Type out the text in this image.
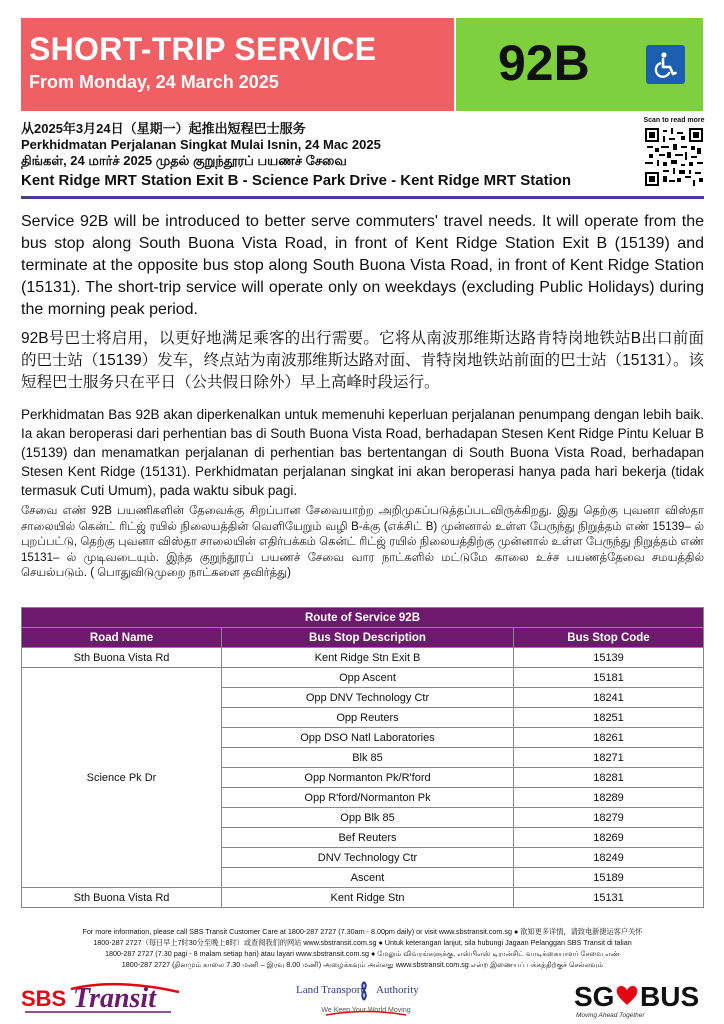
SHORT-TRIP SERVICE
From Monday, 24 March 2025	92B
从2025年3月24日（星期一）起推出短程巴士服务
Perkhidmatan Perjalanan Singkat Mulai Isnin, 24 Mac 2025
திங்கள், 24 மார்ச் 2025 முதல் குறுந்தூரப் பயணச் சேவை
Kent Ridge MRT Station Exit B - Science Park Drive - Kent Ridge MRT Station
Scan to read more

Service 92B will be introduced to better serve commuters' travel needs. It will operate from the bus stop along South Buona Vista Road, in front of Kent Ridge Station Exit B (15139) and terminate at the opposite bus stop along South Buona Vista Road, in front of Kent Ridge Station (15131). The short-trip service will operate only on weekdays (excluding Public Holidays) during the morning peak period.

92B号巴士将启用，以更好地满足乘客的出行需要。它将从南波那维斯达路肯特岗地铁站B出口前面的巴士站（15139）发车，终点站为南波那维斯达路对面、肯特岗地铁站前面的巴士站（15131）。该短程巴士服务只在平日（公共假日除外）早上高峰时段运行。

Perkhidmatan Bas 92B akan diperkenalkan untuk memenuhi keperluan perjalanan penumpang dengan lebih baik. Ia akan beroperasi dari perhentian bas di South Buona Vista Road, berhadapan Stesen Kent Ridge Pintu Keluar B (15139) dan menamatkan perjalanan di perhentian bas bertentangan di South Buona Vista Road, berhadapan Stesen Kent Ridge (15131). Perkhidmatan perjalanan singkat ini akan beroperasi hanya pada hari bekerja (tidak termasuk Cuti Umum), pada waktu sibuk pagi.

சேவை எண் 92B பயணிகளின் தேவைக்கு சிறப்பான சேவையாற்ற அறிமுகப்படுத்தப்படவிருக்கிறது. இது தெற்கு புவனா விஸ்தா சாலையில் கென்ட் ரிட்ஜ் ரயில் நிலையத்தின் வெளியேறும் வழி B-க்கு (எக்சிட் B) முன்னால் உள்ள பேருந்து நிறுத்தம் எண் 15139– ல் புறப்பட்டு, தெற்கு புவனா விஸ்தா சாலையின் எதிர்பக்கம் கென்ட் ரிட்ஜ் ரயில் நிலையத்திற்கு முன்னால் உள்ள பேருந்து நிறுத்தம் எண் 15131– ல் முடிவடையும். இந்த குறுந்தூரப் பயணச் சேவை வார நாட்களில் மட்டுமே காலை உச்ச பயணத்தேவை சமயத்தில் செயல்படும். ( பொதுவிடுமுறை நாட்களை தவிர்த்து)

Route of Service 92B		
Road Name	Bus Stop Description	Bus Stop Code
Sth Buona Vista Rd	Kent Ridge Stn Exit B	15139
Science Pk Dr	Opp Ascent	15181
	Opp DNV Technology Ctr	18241
	Opp Reuters	18251
	Opp DSO Natl Laboratories	18261
	Blk 85	18271
	Opp Normanton Pk/R'ford	18281
	Opp R'ford/Normanton Pk	18289
	Opp Blk 85	18279
	Bef Reuters	18269
	DNV Technology Ctr	18249
	Ascent	15189
Sth Buona Vista Rd	Kent Ridge Stn	15131
For more information, please call SBS Transit Customer Care at 1800-287 2727 (7.30am - 8.00pm daily) or visit www.sbstransit.com.sg ● 欲知更多详情，请致电新捷运客户关怀
1800-287 2727（每日早上7时30分至晚上8时）或查阅我们的网站 www.sbstransit.com.sg ● Untuk keterangan lanjut, sila hubungi Jagaan Pelanggan SBS Transit di talian
1800-287 2727 (7.30 pagi - 8 malam setiap hari) atau layari www.sbstransit.com.sg ● மேலும் விவரங்களுக்கு, எஸ்பிஎஸ் டிரான்சிட் வாடிக்கையாளர் சேவை எண்
1800-287 2727 (தினமும் காலை 7.30 மணி – இரவு 8.00 மணி) அழைக்கவும் அல்லது www.sbstransit.com.sg என்ற இணையப் பக்கத்திற்குச் செல்லவும்
SBS Transit	Land Transport Authority
We Keep Your World Moving	SG BUS
Moving Ahead Together
